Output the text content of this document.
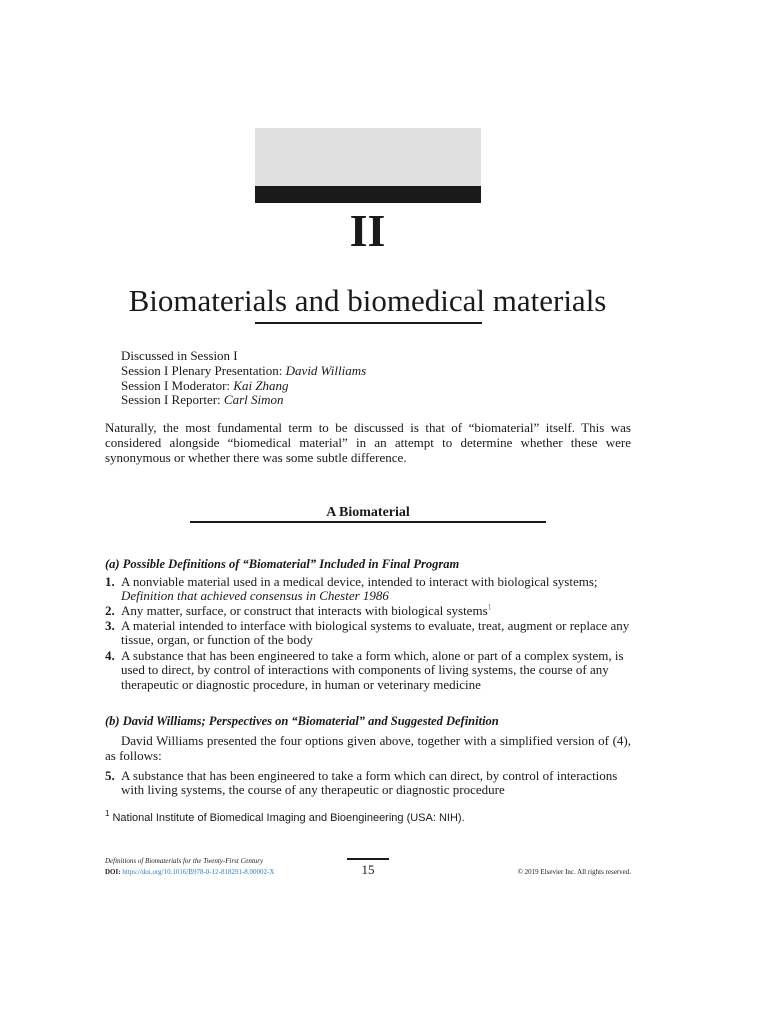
II
Biomaterials and biomedical materials
Discussed in Session I
Session I Plenary Presentation: David Williams
Session I Moderator: Kai Zhang
Session I Reporter: Carl Simon
Naturally, the most fundamental term to be discussed is that of “biomaterial” itself. This was considered alongside “biomedical material” in an attempt to determine whether these were synonymous or whether there was some subtle difference.
A Biomaterial
(a) Possible Definitions of “Biomaterial” Included in Final Program
1. A nonviable material used in a medical device, intended to interact with biological systems; Definition that achieved consensus in Chester 1986
2. Any matter, surface, or construct that interacts with biological systems$^1$
3. A material intended to interface with biological systems to evaluate, treat, augment or replace any tissue, organ, or function of the body
4. A substance that has been engineered to take a form which, alone or part of a complex system, is used to direct, by control of interactions with components of living systems, the course of any therapeutic or diagnostic procedure, in human or veterinary medicine
(b) David Williams; Perspectives on “Biomaterial” and Suggested Definition
David Williams presented the four options given above, together with a simplified version of (4), as follows:
5. A substance that has been engineered to take a form which can direct, by control of interactions with living systems, the course of any therapeutic or diagnostic procedure
$^1$ National Institute of Biomedical Imaging and Bioengineering (USA: NIH).
Definitions of Biomaterials for the Twenty-First Century
DOI: https://doi.org/10.1016/B978-0-12-818291-8.00002-X	15	© 2019 Elsevier Inc. All rights reserved.
